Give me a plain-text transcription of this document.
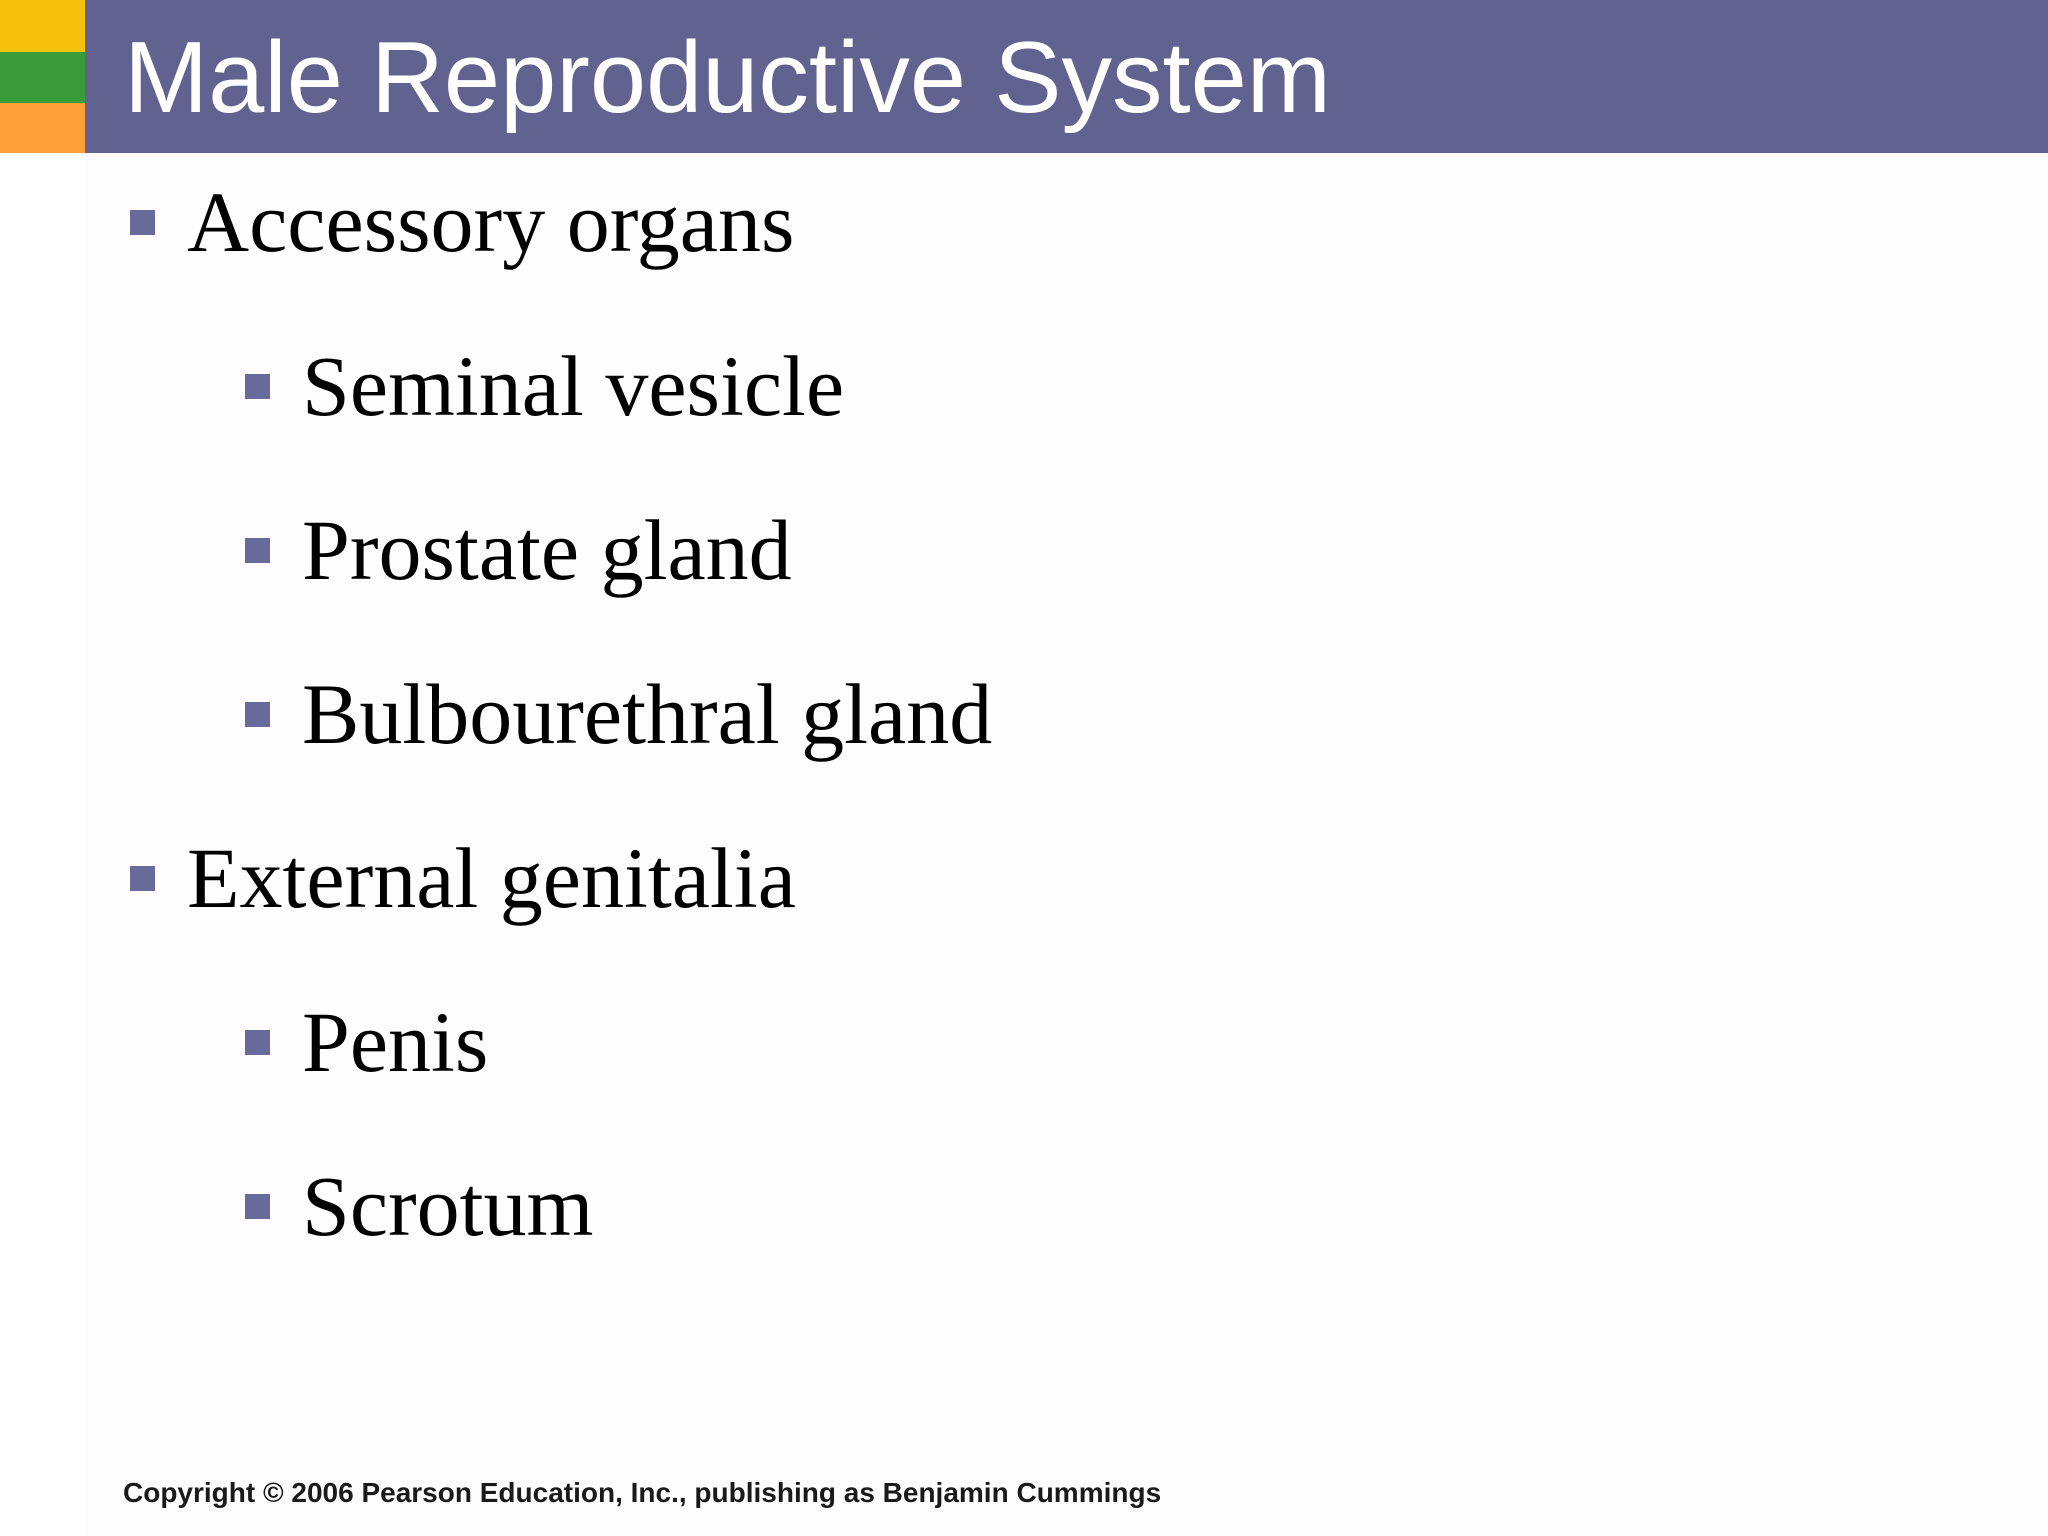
Male Reproductive System
Accessory organs
Seminal vesicle
Prostate gland
Bulbourethral gland
External genitalia
Penis
Scrotum
Copyright © 2006 Pearson Education, Inc., publishing as Benjamin Cummings
